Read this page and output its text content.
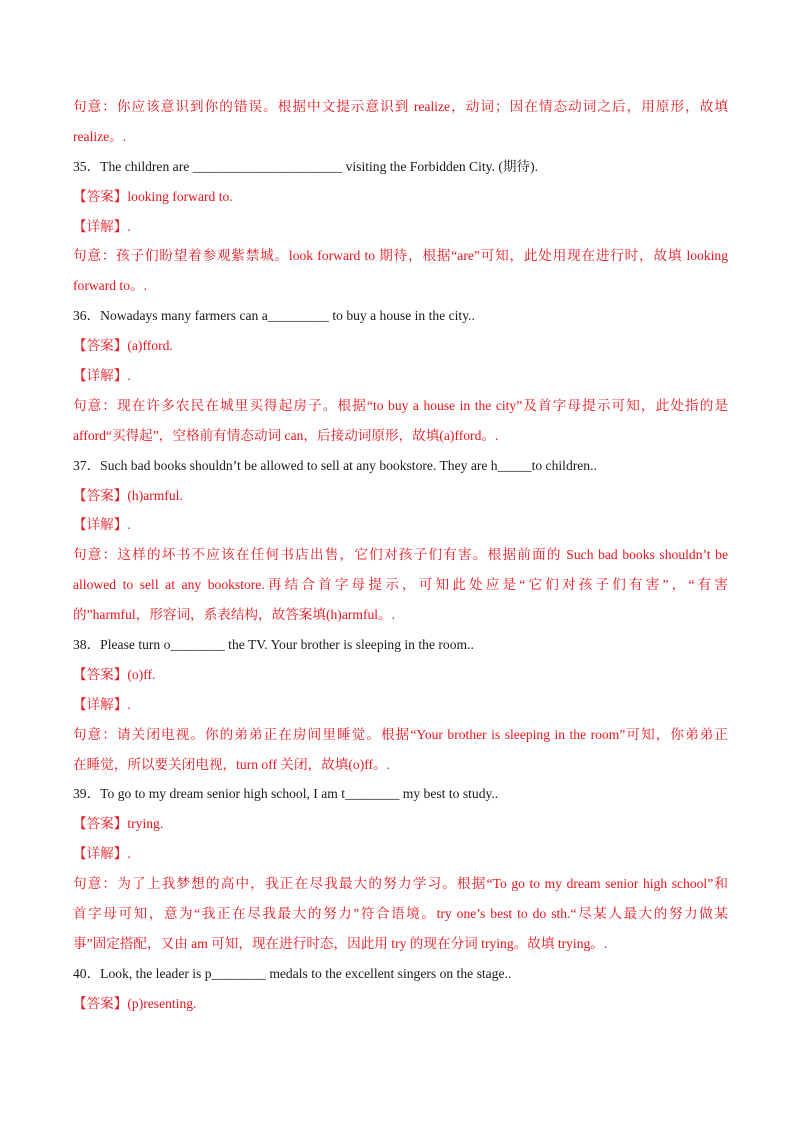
句意：你应该意识到你的错误。根据中文提示意识到 realize，动词；因在情态动词之后，用原形，故填
realize。.
35．The children are ______________________ visiting the Forbidden City. (期待).
【答案】looking forward to.
【详解】.
句意：孩子们盼望着参观紫禁城。look forward to 期待，根据“are”可知，此处用现在进行时，故填 looking
forward to。.
36．Nowadays many farmers can a_________ to buy a house in the city..
【答案】(a)fford.
【详解】.
句意：现在许多农民在城里买得起房子。根据“to buy a house in the city”及首字母提示可知，此处指的是
afford“买得起”，空格前有情态动词 can，后接动词原形，故填(a)fford。.
37．Such bad books shouldn’t be allowed to sell at any bookstore. They are h_____to children..
【答案】(h)armful.
【详解】.
句意：这样的坏书不应该在任何书店出售，它们对孩子们有害。根据前面的 Such bad books shouldn’t be
allowed to sell at any bookstore.再结合首字母提示，可知此处应是“它们对孩子们有害”，“有害
的”harmful，形容词，系表结构，故答案填(h)armful。.
38．Please turn o________ the TV. Your brother is sleeping in the room..
【答案】(o)ff.
【详解】.
句意：请关闭电视。你的弟弟正在房间里睡觉。根据“Your brother is sleeping in the room”可知，你弟弟正
在睡觉，所以要关闭电视，turn off 关闭，故填(o)ff。.
39．To go to my dream senior high school, I am t________ my best to study..
【答案】trying.
【详解】.
句意：为了上我梦想的高中，我正在尽我最大的努力学习。根据“To go to my dream senior high school”和
首字母可知，意为“我正在尽我最大的努力”符合语境。try one’s best to do sth.“尽某人最大的努力做某
事”固定搭配，又由 am 可知，现在进行时态，因此用 try 的现在分词 trying。故填 trying。.
40．Look, the leader is p________ medals to the excellent singers on the stage..
【答案】(p)resenting.
